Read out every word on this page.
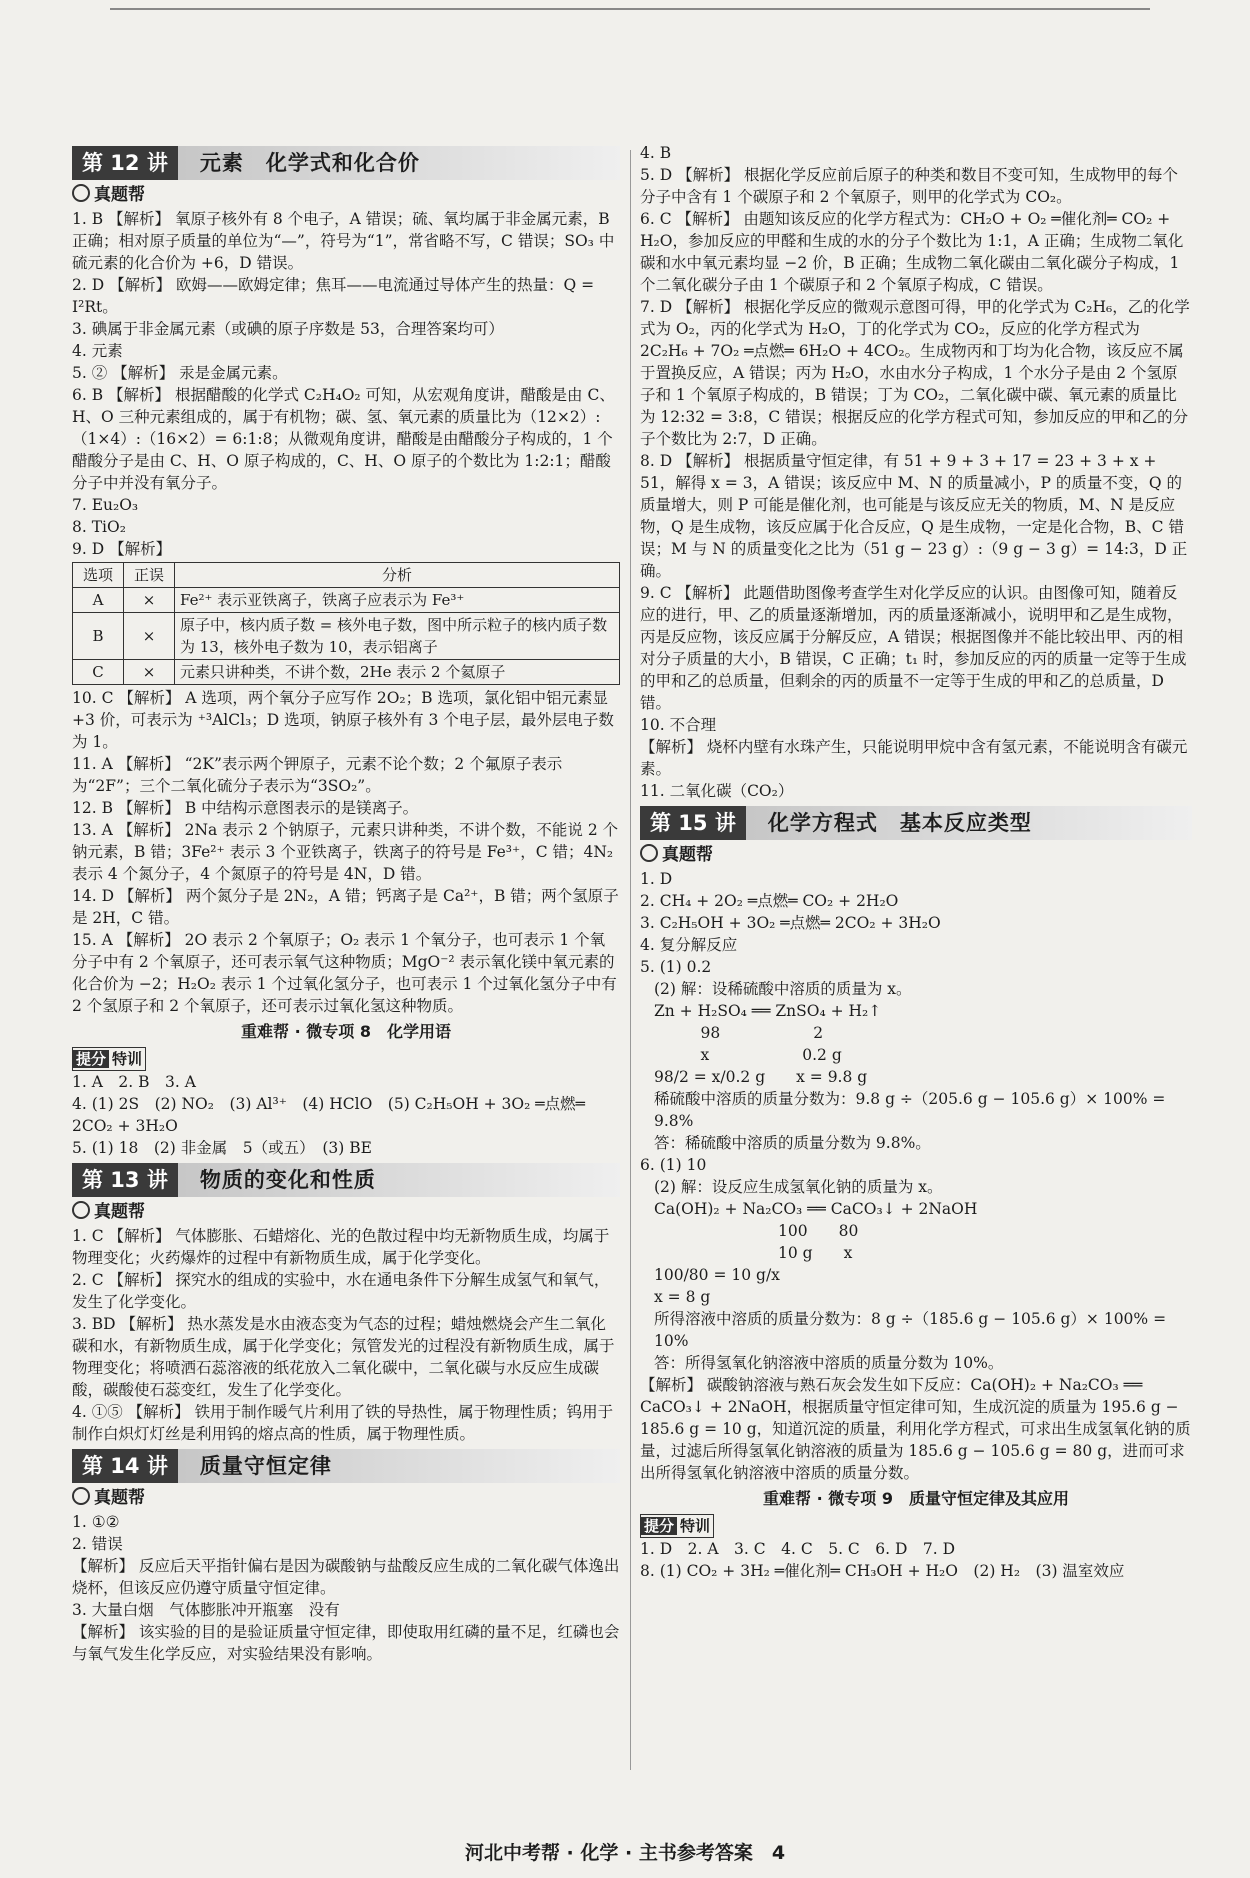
第 12 讲	元素　化学式和化合价
真题帮

1. B 【解析】 氧原子核外有 8 个电子，A 错误；硫、氧均属于非金属元素，B 正确；相对原子质量的单位为“—”，符号为“1”，常省略不写，C 错误；SO₃ 中硫元素的化合价为 +6，D 错误。

2. D 【解析】 欧姆——欧姆定律；焦耳——电流通过导体产生的热量：Q = I²Rt。

3. 碘属于非金属元素（或碘的原子序数是 53，合理答案均可）

4. 元素

5. ② 【解析】 汞是金属元素。

6. B 【解析】 根据醋酸的化学式 C₂H₄O₂ 可知，从宏观角度讲，醋酸是由 C、H、O 三种元素组成的，属于有机物；碳、氢、氧元素的质量比为（12×2）:（1×4）:（16×2）= 6:1:8；从微观角度讲，醋酸是由醋酸分子构成的，1 个醋酸分子是由 C、H、O 原子构成的，C、H、O 原子的个数比为 1:2:1；醋酸分子中并没有氧分子。

7. Eu₂O₃

8. TiO₂

9. D 【解析】

选项	正误	分析
A	×	Fe²⁺ 表示亚铁离子，铁离子应表示为 Fe³⁺
B	×	原子中，核内质子数 = 核外电子数，图中所示粒子的核内质子数为 13，核外电子数为 10，表示铝离子
C	×	元素只讲种类，不讲个数，2He 表示 2 个氦原子

10. C 【解析】 A 选项，两个氧分子应写作 2O₂；B 选项，氯化铝中铝元素显 +3 价，可表示为 ⁺³AlCl₃；D 选项，钠原子核外有 3 个电子层，最外层电子数为 1。

11. A 【解析】 “2K”表示两个钾原子，元素不论个数；2 个氟原子表示为“2F”；三个二氧化硫分子表示为“3SO₂”。

12. B 【解析】 B 中结构示意图表示的是镁离子。

13. A 【解析】 2Na 表示 2 个钠原子，元素只讲种类，不讲个数，不能说 2 个钠元素，B 错；3Fe²⁺ 表示 3 个亚铁离子，铁离子的符号是 Fe³⁺，C 错；4N₂ 表示 4 个氮分子，4 个氮原子的符号是 4N，D 错。

14. D 【解析】 两个氮分子是 2N₂，A 错；钙离子是 Ca²⁺，B 错；两个氢原子是 2H，C 错。

15. A 【解析】 2O 表示 2 个氧原子；O₂ 表示 1 个氧分子，也可表示 1 个氧分子中有 2 个氧原子，还可表示氧气这种物质；MgO⁻² 表示氧化镁中氧元素的化合价为 −2；H₂O₂ 表示 1 个过氧化氢分子，也可表示 1 个过氧化氢分子中有 2 个氢原子和 2 个氧原子，还可表示过氧化氢这种物质。

重难帮 · 微专项 8　化学用语
提分 特训

1. A　2. B　3. A

4. (1) 2S　(2) NO₂　(3) Al³⁺　(4) HClO　(5) C₂H₅OH + 3O₂ ═点燃═ 2CO₂ + 3H₂O

5. (1) 18　(2) 非金属　5（或五）　(3) BE

第 13 讲	物质的变化和性质
真题帮

1. C 【解析】 气体膨胀、石蜡熔化、光的色散过程中均无新物质生成，均属于物理变化；火药爆炸的过程中有新物质生成，属于化学变化。

2. C 【解析】 探究水的组成的实验中，水在通电条件下分解生成氢气和氧气，发生了化学变化。

3. BD 【解析】 热水蒸发是水由液态变为气态的过程；蜡烛燃烧会产生二氧化碳和水，有新物质生成，属于化学变化；氖管发光的过程没有新物质生成，属于物理变化；将喷洒石蕊溶液的纸花放入二氧化碳中，二氧化碳与水反应生成碳酸，碳酸使石蕊变红，发生了化学变化。

4. ①⑤ 【解析】 铁用于制作暖气片利用了铁的导热性，属于物理性质；钨用于制作白炽灯灯丝是利用钨的熔点高的性质，属于物理性质。

第 14 讲	质量守恒定律
真题帮

1. ①②

2. 错误

【解析】 反应后天平指针偏右是因为碳酸钠与盐酸反应生成的二氧化碳气体逸出烧杯，但该反应仍遵守质量守恒定律。

3. 大量白烟　气体膨胀冲开瓶塞　没有

【解析】 该实验的目的是验证质量守恒定律，即使取用红磷的量不足，红磷也会与氧气发生化学反应，对实验结果没有影响。

4. B

5. D 【解析】 根据化学反应前后原子的种类和数目不变可知，生成物甲的每个分子中含有 1 个碳原子和 2 个氧原子，则甲的化学式为 CO₂。

6. C 【解析】 由题知该反应的化学方程式为：CH₂O + O₂ ═催化剂═ CO₂ + H₂O，参加反应的甲醛和生成的水的分子个数比为 1:1，A 正确；生成物二氧化碳和水中氧元素均显 −2 价，B 正确；生成物二氧化碳由二氧化碳分子构成，1 个二氧化碳分子由 1 个碳原子和 2 个氧原子构成，C 错误。

7. D 【解析】 根据化学反应的微观示意图可得，甲的化学式为 C₂H₆，乙的化学式为 O₂，丙的化学式为 H₂O，丁的化学式为 CO₂，反应的化学方程式为 2C₂H₆ + 7O₂ ═点燃═ 6H₂O + 4CO₂。生成物丙和丁均为化合物，该反应不属于置换反应，A 错误；丙为 H₂O，水由水分子构成，1 个水分子是由 2 个氢原子和 1 个氧原子构成的，B 错误；丁为 CO₂，二氧化碳中碳、氧元素的质量比为 12:32 = 3:8，C 错误；根据反应的化学方程式可知，参加反应的甲和乙的分子个数比为 2:7，D 正确。

8. D 【解析】 根据质量守恒定律，有 51 + 9 + 3 + 17 = 23 + 3 + x + 51，解得 x = 3，A 错误；该反应中 M、N 的质量减小，P 的质量不变，Q 的质量增大，则 P 可能是催化剂，也可能是与该反应无关的物质，M、N 是反应物，Q 是生成物，该反应属于化合反应，Q 是生成物，一定是化合物，B、C 错误；M 与 N 的质量变化之比为（51 g − 23 g）:（9 g − 3 g）= 14:3，D 正确。

9. C 【解析】 此题借助图像考查学生对化学反应的认识。由图像可知，随着反应的进行，甲、乙的质量逐渐增加，丙的质量逐渐减小，说明甲和乙是生成物，丙是反应物，该反应属于分解反应，A 错误；根据图像并不能比较出甲、丙的相对分子质量的大小，B 错误，C 正确；t₁ 时，参加反应的丙的质量一定等于生成的甲和乙的总质量，但剩余的丙的质量不一定等于生成的甲和乙的总质量，D 错。

10. 不合理

【解析】 烧杯内壁有水珠产生，只能说明甲烷中含有氢元素，不能说明含有碳元素。

11. 二氧化碳（CO₂）

第 15 讲	化学方程式　基本反应类型
真题帮

1. D

2. CH₄ + 2O₂ ═点燃═ CO₂ + 2H₂O

3. C₂H₅OH + 3O₂ ═点燃═ 2CO₂ + 3H₂O

4. 复分解反应

5. (1) 0.2

(2) 解：设稀硫酸中溶质的质量为 x。

Zn + H₂SO₄ ══ ZnSO₄ + H₂↑

　　　98　　　　　　2

　　　x　　　　　　0.2 g

98/2 = x/0.2 g　　x = 9.8 g

稀硫酸中溶质的质量分数为：9.8 g ÷（205.6 g − 105.6 g）× 100% = 9.8%

答：稀硫酸中溶质的质量分数为 9.8%。

6. (1) 10

(2) 解：设反应生成氢氧化钠的质量为 x。

Ca(OH)₂ + Na₂CO₃ ══ CaCO₃↓ + 2NaOH

　　　　　　　　100　　80

　　　　　　　　10 g　　x

100/80 = 10 g/x

x = 8 g

所得溶液中溶质的质量分数为：8 g ÷（185.6 g − 105.6 g）× 100% = 10%

答：所得氢氧化钠溶液中溶质的质量分数为 10%。

【解析】 碳酸钠溶液与熟石灰会发生如下反应：Ca(OH)₂ + Na₂CO₃ ══ CaCO₃↓ + 2NaOH，根据质量守恒定律可知，生成沉淀的质量为 195.6 g − 185.6 g = 10 g，知道沉淀的质量，利用化学方程式，可求出生成氢氧化钠的质量，过滤后所得氢氧化钠溶液的质量为 185.6 g − 105.6 g = 80 g，进而可求出所得氢氧化钠溶液中溶质的质量分数。

重难帮 · 微专项 9　质量守恒定律及其应用
提分 特训

1. D　2. A　3. C　4. C　5. C　6. D　7. D

8. (1) CO₂ + 3H₂ ═催化剂═ CH₃OH + H₂O　(2) H₂　(3) 温室效应

河北中考帮 · 化学 · 主书参考答案　4
